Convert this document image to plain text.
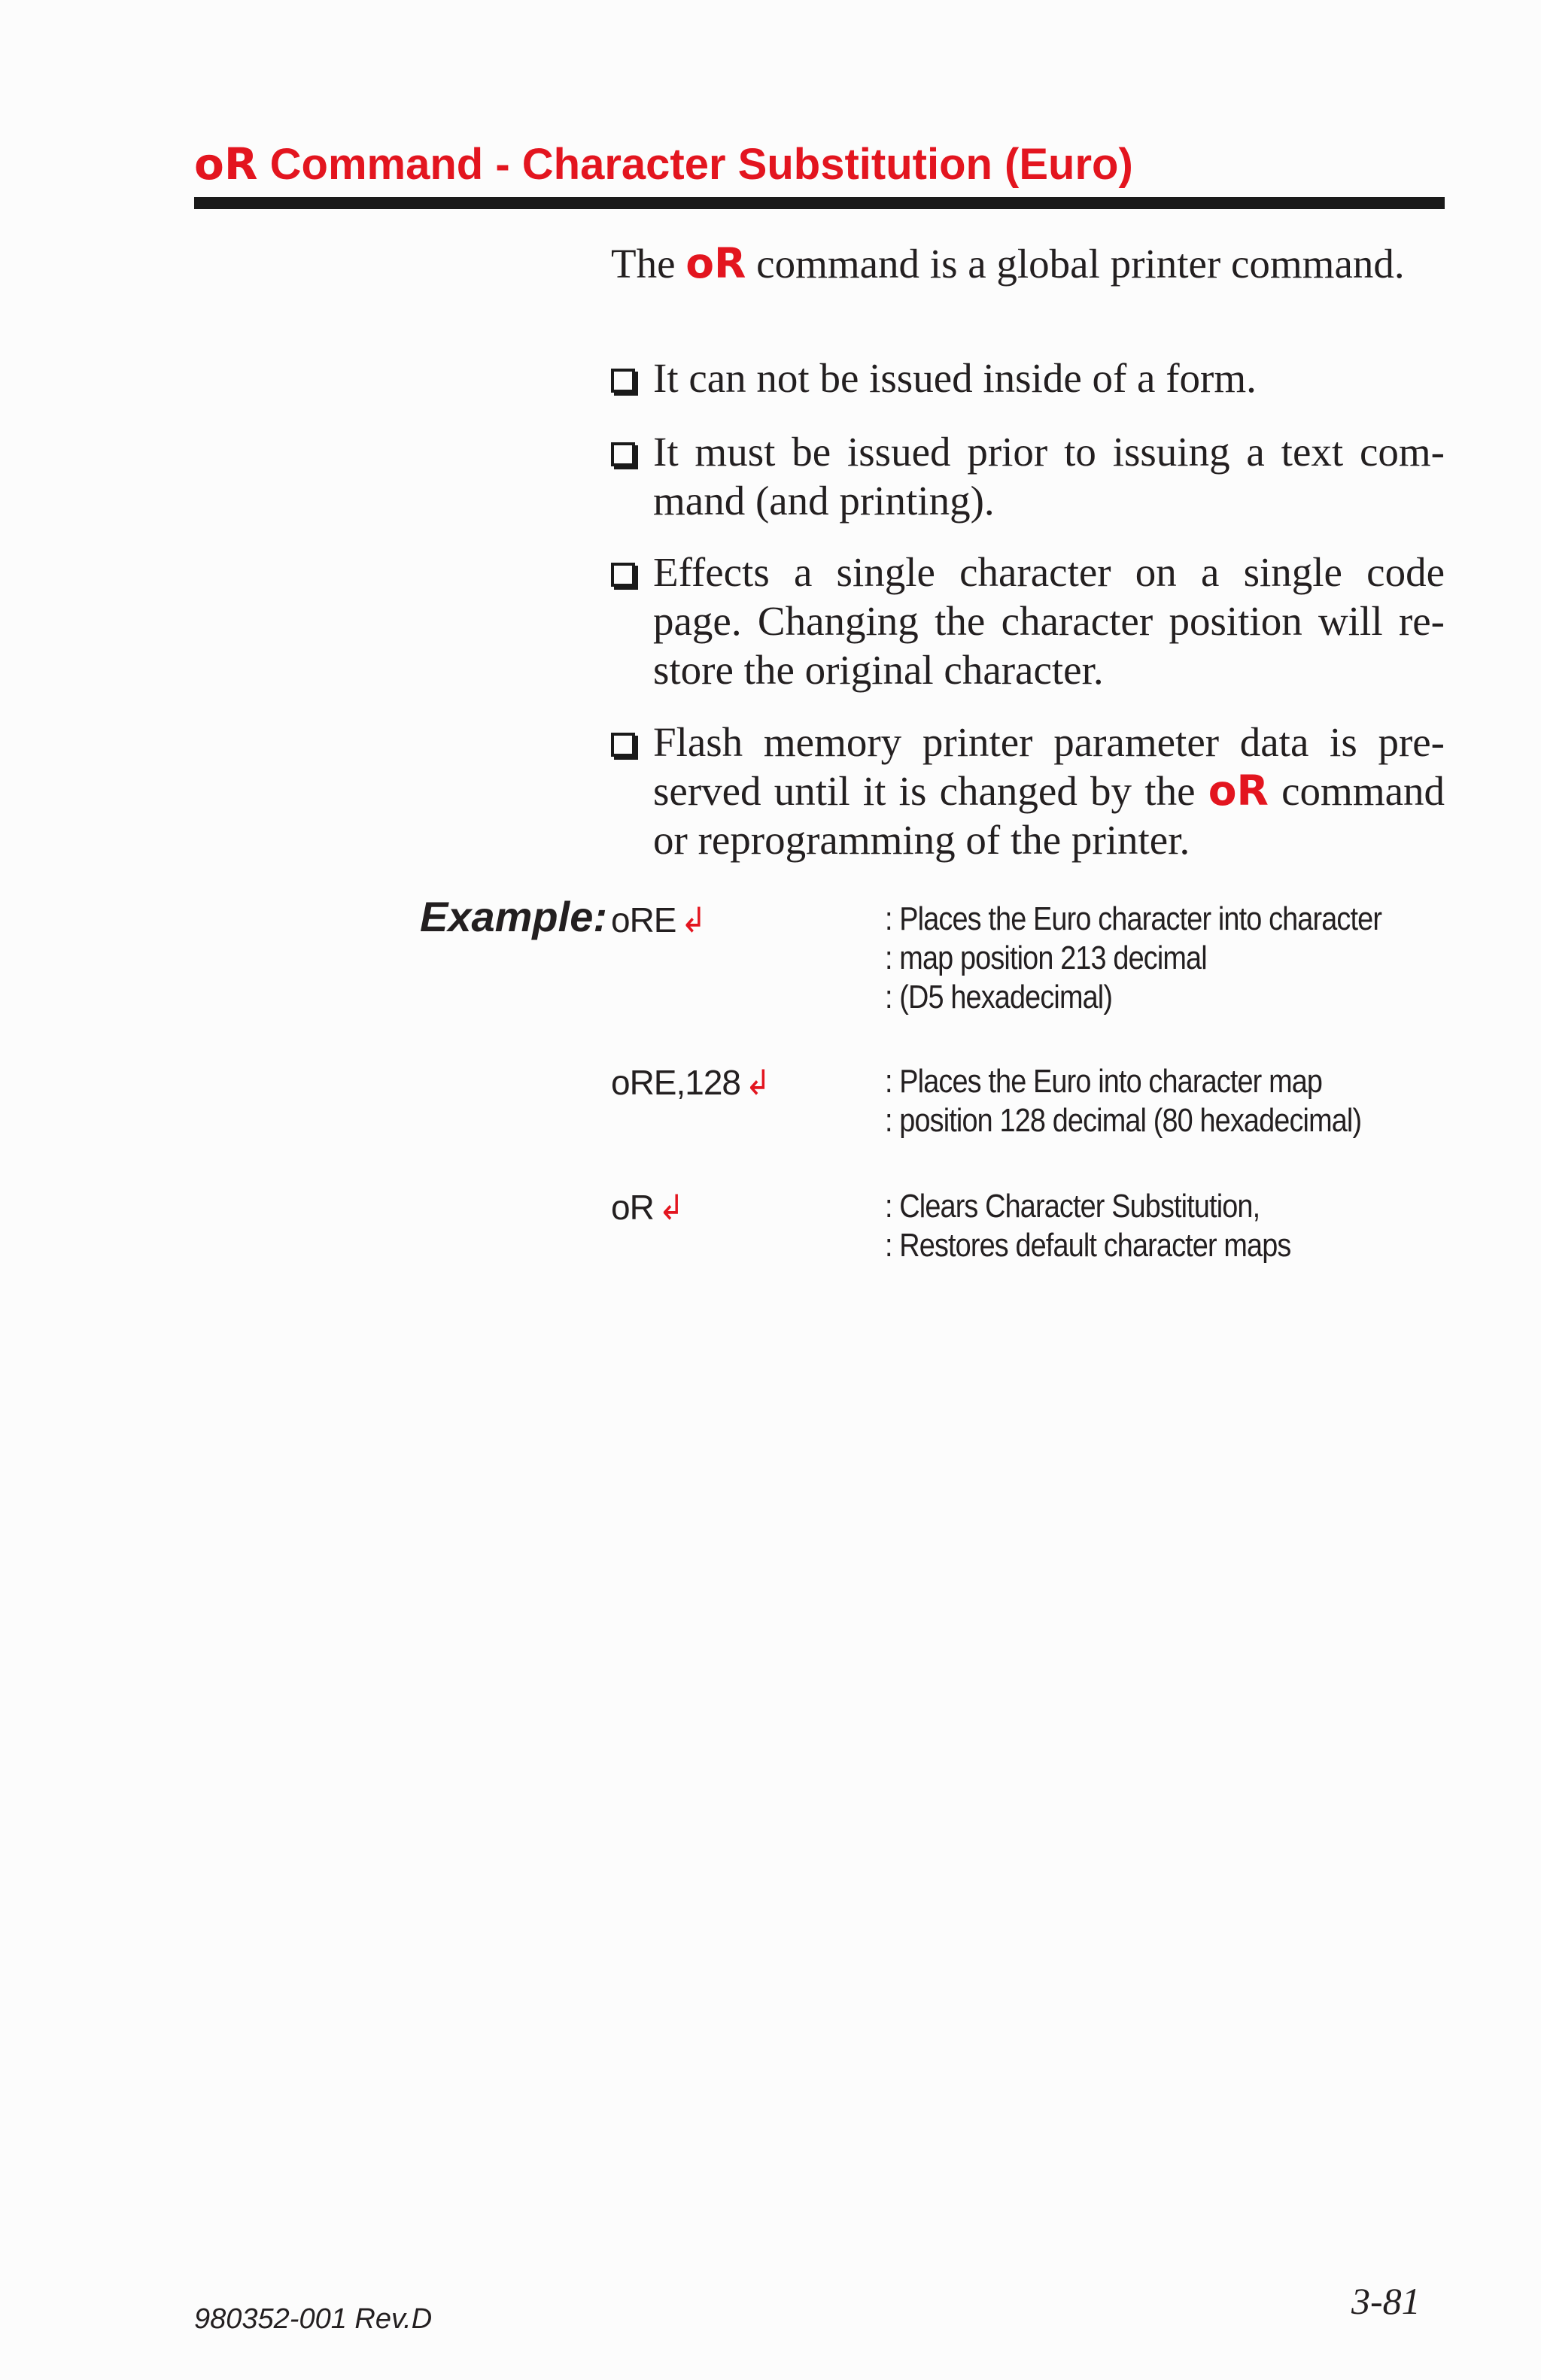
oR Command - Character Substitution (Euro)
The oR command is a global printer command.
It can not be issued inside of a form.
It must be issued prior to issuing a text com- mand (and printing).
Effects a single character on a single code page. Changing the character position will re- store the original character.
Flash memory printer parameter data is pre- served until it is changed by the oR command or reprogramming of the printer.
Example: oRE ↲	: Places the Euro character into character
: map position 213 decimal
: (D5 hexadecimal)
oRE,128 ↲	: Places the Euro into character map
: position 128 decimal (80 hexadecimal)
oR ↲	: Clears Character Substitution,
: Restores default character maps
980352-001 Rev.D	3-81
